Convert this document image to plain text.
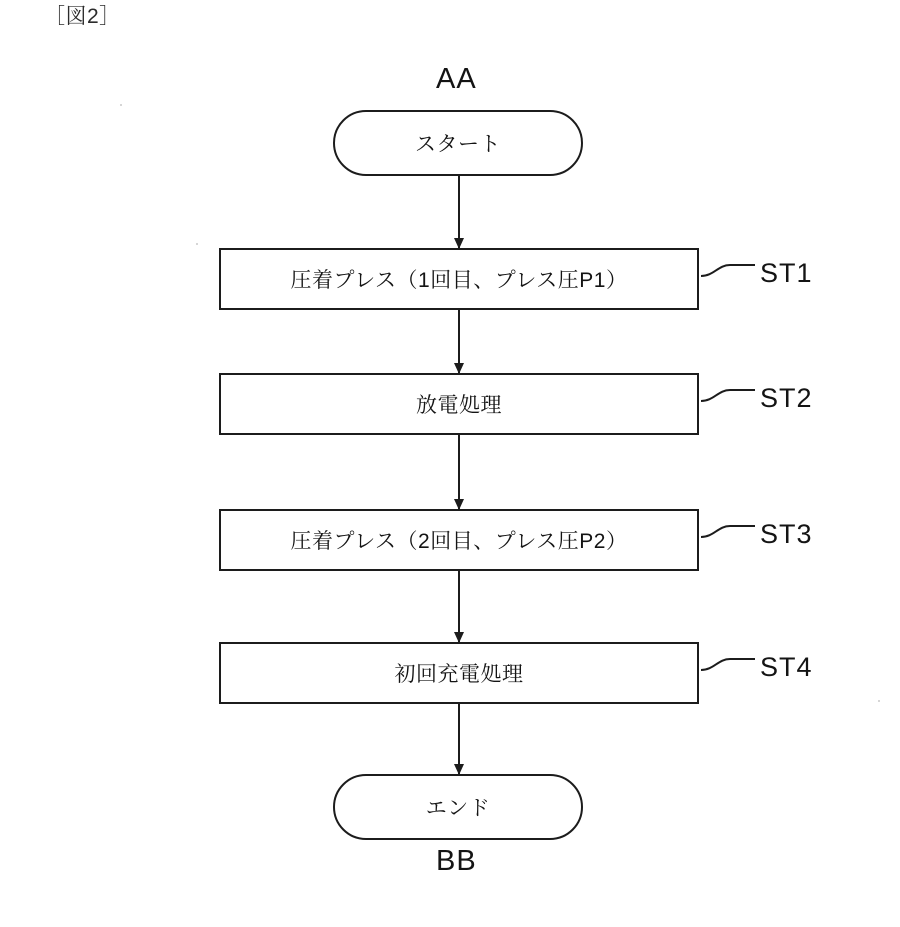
［図2］
AA
スタート
圧着プレス（1回目、プレス圧P1）	ST1
放電処理	ST2
圧着プレス（2回目、プレス圧P2）	ST3
初回充電処理	ST4
エンド
BB
